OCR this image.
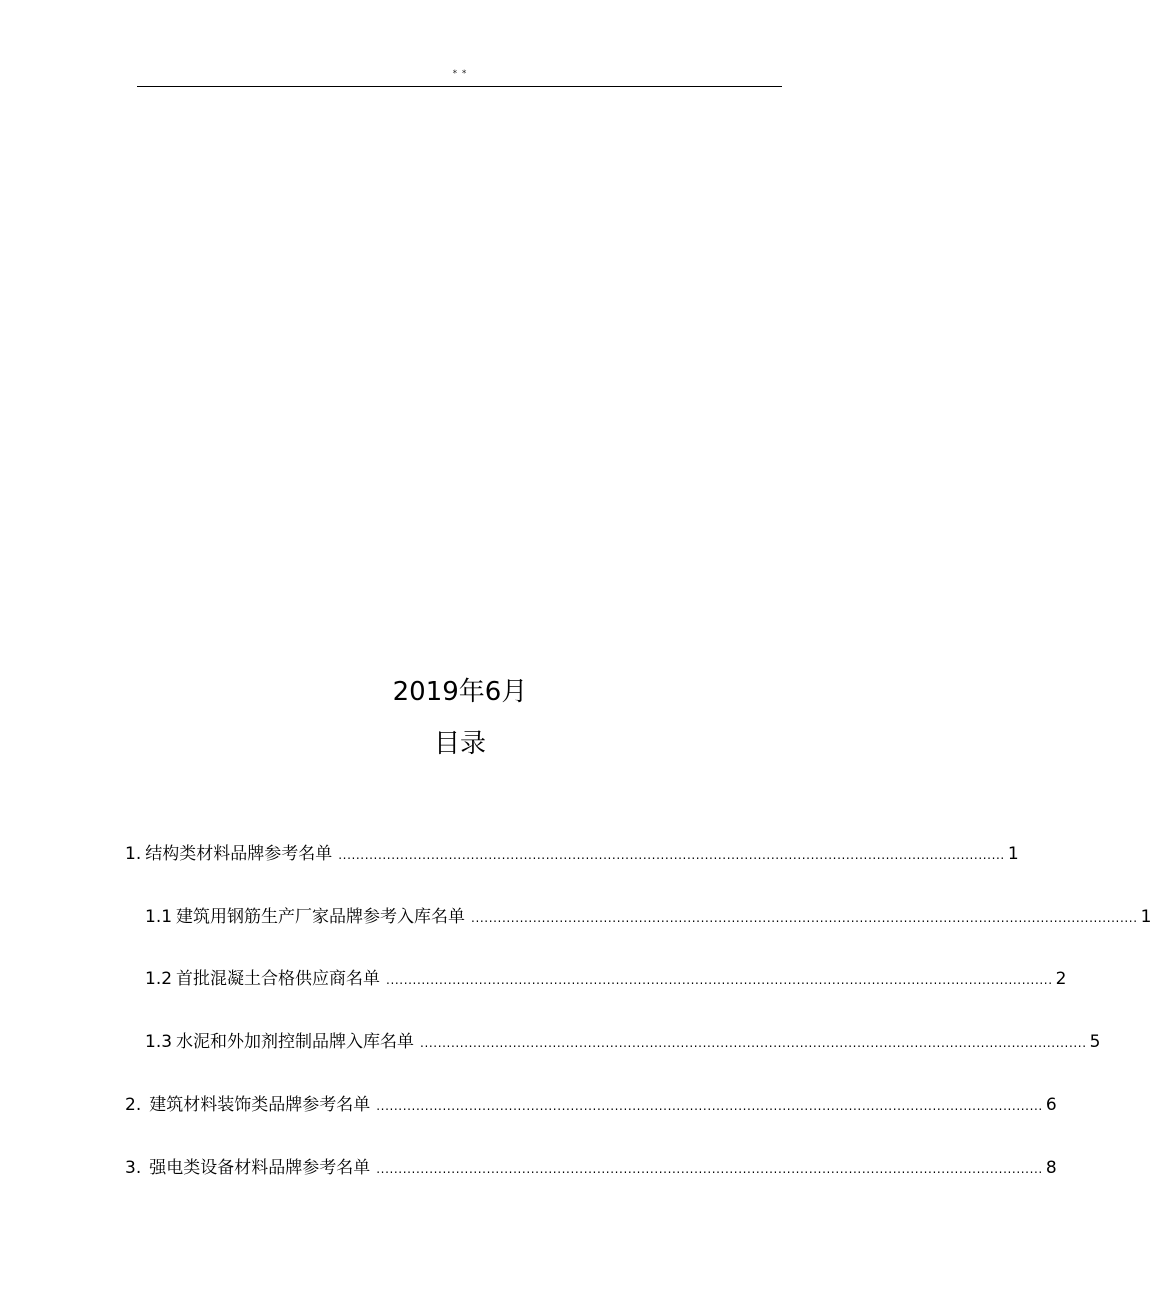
* *
2019年6月
目录
1. 结构类材料品牌参考名单 ....................................................................................................................................................... 1
1.1 建筑用钢筋生产厂家品牌参考入库名单 ....................................................................................................................................................... 1
1.2 首批混凝土合格供应商名单 ....................................................................................................................................................... 2
1.3 水泥和外加剂控制品牌入库名单 ....................................................................................................................................................... 5
2. 建筑材料装饰类品牌参考名单 ....................................................................................................................................................... 6
3. 强电类设备材料品牌参考名单 ....................................................................................................................................................... 8
